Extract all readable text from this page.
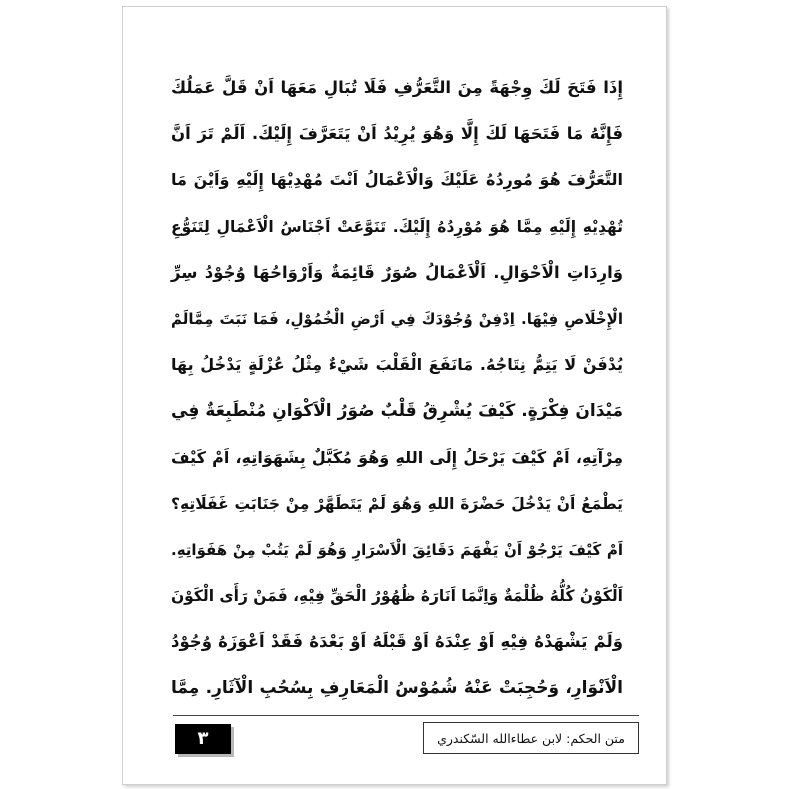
إِذَا فَتَحَ لَكَ وِجْهَةً مِنَ التَّعَرُّفِ فَلَا تُبَالِ مَعَهَا اَنْ قَلَّ عَمَلُكَ
فَإِنَّهُ مَا فَتَحَهَا لَكَ إِلَّا وَهُوَ يُرِيْدُ اَنْ يَتَعَرَّفَ إِلَيْكَ. اَلَمْ تَرَ اَنَّ
التَّعَرُّفَ هُوَ مُورِدُهُ عَلَيْكَ وَالْاَعْمَالُ اَنْتَ مُهْدِيْهَا إِلَيْهِ وَاَيْنَ مَا
تُهْدِيْهِ إِلَيْهِ مِمَّا هُوَ مُوْرِدُهُ إِلَيْكَ. تَنَوَّعَتْ اَجْنَاسُ الْاَعْمَالِ لِتَنَوُّعِ
وَارِدَاتِ الْاَحْوَالِ. اَلْاَعْمَالُ صُوَرٌ قَائِمَةٌ وَاَرْوَاحُهَا وُجُوْدُ سِرِّ
الْإِخْلَاصِ فِيْهَا. اِدْفِنْ وُجُوْدَكَ فِي اَرْضِ الْخُمُوْلِ، فَمَا نَبَتَ مِمَّالَمْ
يُدْفَنْ لَا يَتِمُّ نِتَاجُهُ. مَانَفَعَ الْقَلْبَ شَيْءٌ مِثْلُ عُزْلَةٍ يَدْخُلُ بِهَا
مَيْدَانَ فِكْرَةٍ. كَيْفَ يُشْرِقُ قَلْبٌ صُوَرُ الْاَكْوَانِ مُنْطَبِعَةٌ فِي
مِرْآتِهِ، اَمْ كَيْفَ يَرْحَلُ إِلَى اللهِ وَهُوَ مُكَبَّلٌ بِشَهَوَاتِهِ، اَمْ كَيْفَ
يَطْمَعُ اَنْ يَدْخُلَ حَضْرَةَ اللهِ وَهُوَ لَمْ يَتَطَهَّرْ مِنْ جَنَابَتِ غَفَلَاتِهِ؟
اَمْ كَيْفَ يَرْجُوْ اَنْ يَفْهَمَ دَقَائِقَ الْاَسْرَارِ وَهُوَ لَمْ يَتُبْ مِنْ هَفَوَاتِهِ.
اَلْكَوْنُ كُلُّهُ ظُلْمَةٌ وَاِنَّمَا اَنَارَهُ ظُهُوْرُ الْحَقِّ فِيْهِ، فَمَنْ رَأَى الْكَوْنَ
وَلَمْ يَشْهَدْهُ فِيْهِ اَوْ عِنْدَهُ اَوْ قَبْلَهُ اَوْ بَعْدَهُ فَقَدْ اَعْوَزَهُ وُجُوْدُ
الْاَنْوَارِ، وَحُجِبَتْ عَنْهُ شُمُوْسُ الْمَعَارِفِ بِسُحُبِ الْآثَارِ. مِمَّا
متن الحكم: لابن عطاءالله السّكندري
٣
